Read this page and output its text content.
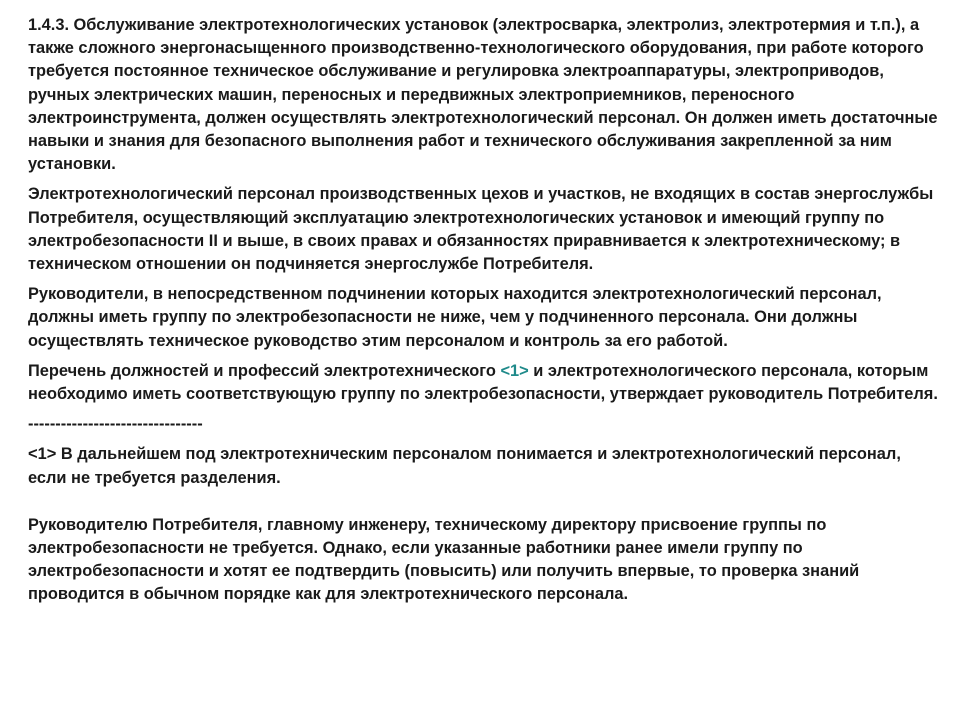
1.4.3. Обслуживание электротехнологических установок (электросварка, электролиз, электротермия и т.п.), а также сложного энергонасыщенного производственно-технологического оборудования, при работе которого требуется постоянное техническое обслуживание и регулировка электроаппаратуры, электроприводов, ручных электрических машин, переносных и передвижных электроприемников, переносного электроинструмента, должен осуществлять электротехнологический персонал. Он должен иметь достаточные навыки и знания для безопасного выполнения работ и технического обслуживания закрепленной за ним установки.

Электротехнологический персонал производственных цехов и участков, не входящих в состав энергослужбы Потребителя, осуществляющий эксплуатацию электротехнологических установок и имеющий группу по электробезопасности II и выше, в своих правах и обязанностях приравнивается к электротехническому; в техническом отношении он подчиняется энергослужбе Потребителя.

Руководители, в непосредственном подчинении которых находится электротехнологический персонал, должны иметь группу по электробезопасности не ниже, чем у подчиненного персонала. Они должны осуществлять техническое руководство этим персоналом и контроль за его работой.

Перечень должностей и профессий электротехнического <1> и электротехнологического персонала, которым необходимо иметь соответствующую группу по электробезопасности, утверждает руководитель Потребителя.

--------------------------------

<1> В дальнейшем под электротехническим персоналом понимается и электротехнологический персонал, если не требуется разделения.

Руководителю Потребителя, главному инженеру, техническому директору присвоение группы по электробезопасности не требуется. Однако, если указанные работники ранее имели группу по электробезопасности и хотят ее подтвердить (повысить) или получить впервые, то проверка знаний проводится в обычном порядке как для электротехнического персонала.
